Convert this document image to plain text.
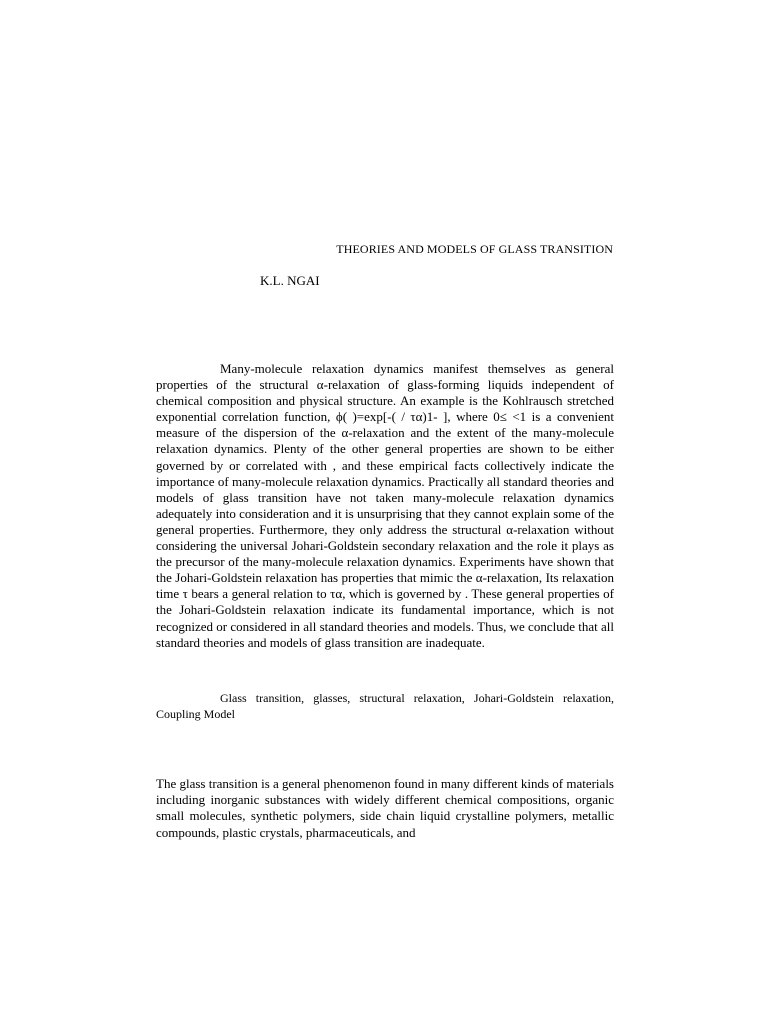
THEORIES AND MODELS OF GLASS TRANSITION
K.L. NGAI

Many-molecule relaxation dynamics manifest themselves as general properties of the structural α-relaxation of glass-forming liquids independent of chemical composition and physical structure. An example is the Kohlrausch stretched exponential correlation function, ϕ( )=exp[-( / τα)1- ], where 0≤ <1 is a convenient measure of the dispersion of the α-relaxation and the extent of the many-molecule relaxation dynamics. Plenty of the other general properties are shown to be either governed by or correlated with , and these empirical facts collectively indicate the importance of many-molecule relaxation dynamics. Practically all standard theories and models of glass transition have not taken many-molecule relaxation dynamics adequately into consideration and it is unsurprising that they cannot explain some of the general properties. Furthermore, they only address the structural α-relaxation without considering the universal Johari-Goldstein secondary relaxation and the role it plays as the precursor of the many-molecule relaxation dynamics. Experiments have shown that the Johari-Goldstein relaxation has properties that mimic the α-relaxation, Its relaxation time τ bears a general relation to τα, which is governed by . These general properties of the Johari-Goldstein relaxation indicate its fundamental importance, which is not recognized or considered in all standard theories and models. Thus, we conclude that all standard theories and models of glass transition are inadequate.

Glass transition, glasses, structural relaxation, Johari-Goldstein relaxation, Coupling Model

The glass transition is a general phenomenon found in many different kinds of materials including inorganic substances with widely different chemical compositions, organic small molecules, synthetic polymers, side chain liquid crystalline polymers, metallic compounds, plastic crystals, pharmaceuticals, and
